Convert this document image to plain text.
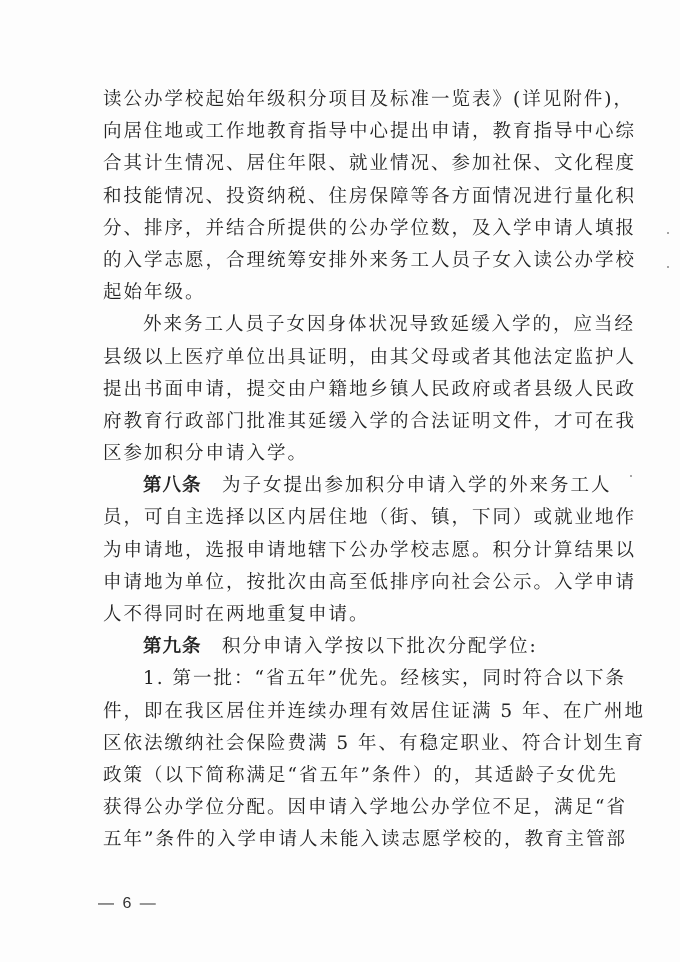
读公办学校起始年级积分项目及标准一览表》(详见附件)，
向居住地或工作地教育指导中心提出申请，教育指导中心综
合其计生情况、居住年限、就业情况、参加社保、文化程度
和技能情况、投资纳税、住房保障等各方面情况进行量化积
分、排序，并结合所提供的公办学位数，及入学申请人填报
的入学志愿，合理统筹安排外来务工人员子女入读公办学校
起始年级。
外来务工人员子女因身体状况导致延缓入学的，应当经
县级以上医疗单位出具证明，由其父母或者其他法定监护人
提出书面申请，提交由户籍地乡镇人民政府或者县级人民政
府教育行政部门批准其延缓入学的合法证明文件，才可在我
区参加积分申请入学。
第八条　为子女提出参加积分申请入学的外来务工人
员，可自主选择以区内居住地（街、镇，下同）或就业地作
为申请地，选报申请地辖下公办学校志愿。积分计算结果以
申请地为单位，按批次由高至低排序向社会公示。入学申请
人不得同时在两地重复申请。
第九条　积分申请入学按以下批次分配学位:
1. 第一批：“省五年”优先。经核实，同时符合以下条
件，即在我区居住并连续办理有效居住证满 5 年、在广州地
区依法缴纳社会保险费满 5 年、有稳定职业、符合计划生育
政策（以下简称满足“省五年”条件）的，其适龄子女优先
获得公办学位分配。因申请入学地公办学位不足，满足“省
五年”条件的入学申请人未能入读志愿学校的，教育主管部
— 6 —
